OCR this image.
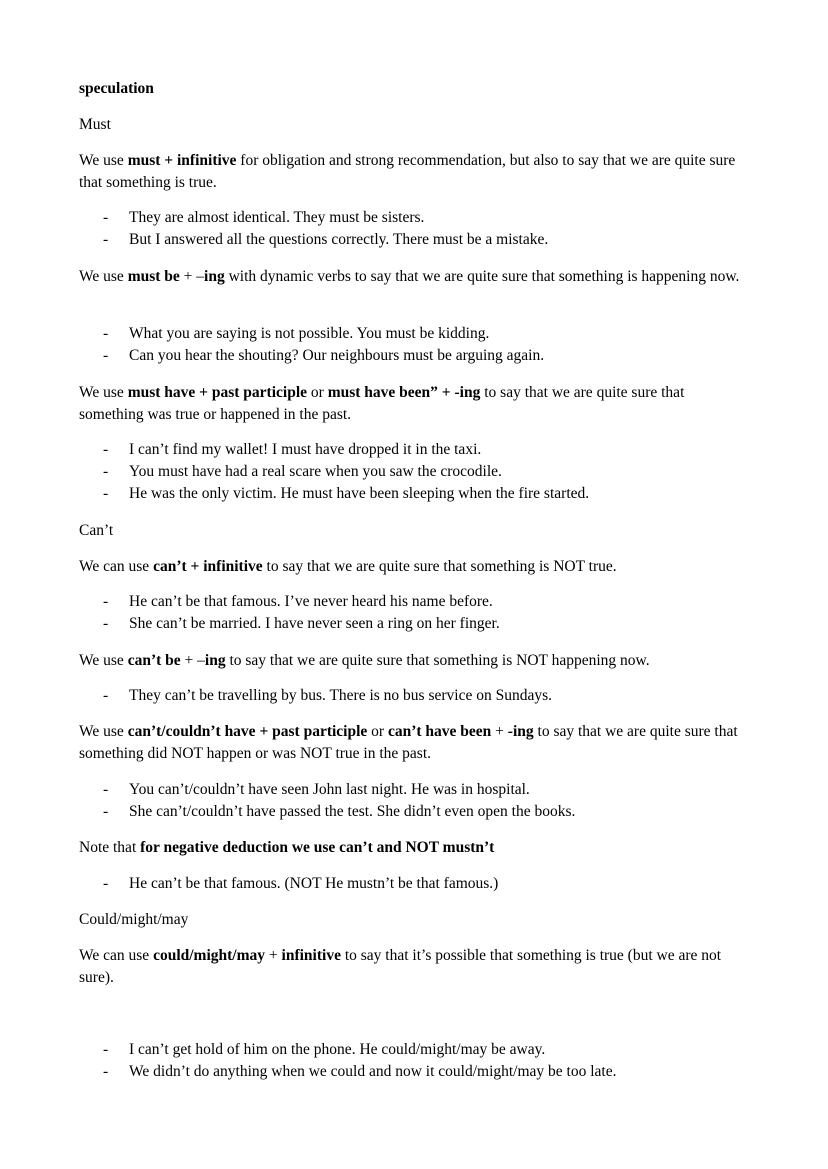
speculation
Must
We use must + infinitive for obligation and strong recommendation, but also to say that we are quite sure that something is true.
- They are almost identical. They must be sisters.
- But I answered all the questions correctly. There must be a mistake.
We use must be + –ing with dynamic verbs to say that we are quite sure that something is happening now.
- What you are saying is not possible. You must be kidding.
- Can you hear the shouting? Our neighbours must be arguing again.
We use must have + past participle or must have been” + -ing to say that we are quite sure that something was true or happened in the past.
- I can’t find my wallet! I must have dropped it in the taxi.
- You must have had a real scare when you saw the crocodile.
- He was the only victim. He must have been sleeping when the fire started.
Can’t
We can use can’t + infinitive to say that we are quite sure that something is NOT true.
- He can’t be that famous. I’ve never heard his name before.
- She can’t be married. I have never seen a ring on her finger.
We use can’t be + –ing to say that we are quite sure that something is NOT happening now.
- They can’t be travelling by bus. There is no bus service on Sundays.
We use can’t/couldn’t have + past participle or can’t have been + -ing to say that we are quite sure that something did NOT happen or was NOT true in the past.
- You can’t/couldn’t have seen John last night. He was in hospital.
- She can’t/couldn’t have passed the test. She didn’t even open the books.
Note that for negative deduction we use can’t and NOT mustn’t
- He can’t be that famous. (NOT He mustn’t be that famous.)
Could/might/may
We can use could/might/may + infinitive to say that it’s possible that something is true (but we are not sure).
- I can’t get hold of him on the phone. He could/might/may be away.
- We didn’t do anything when we could and now it could/might/may be too late.
